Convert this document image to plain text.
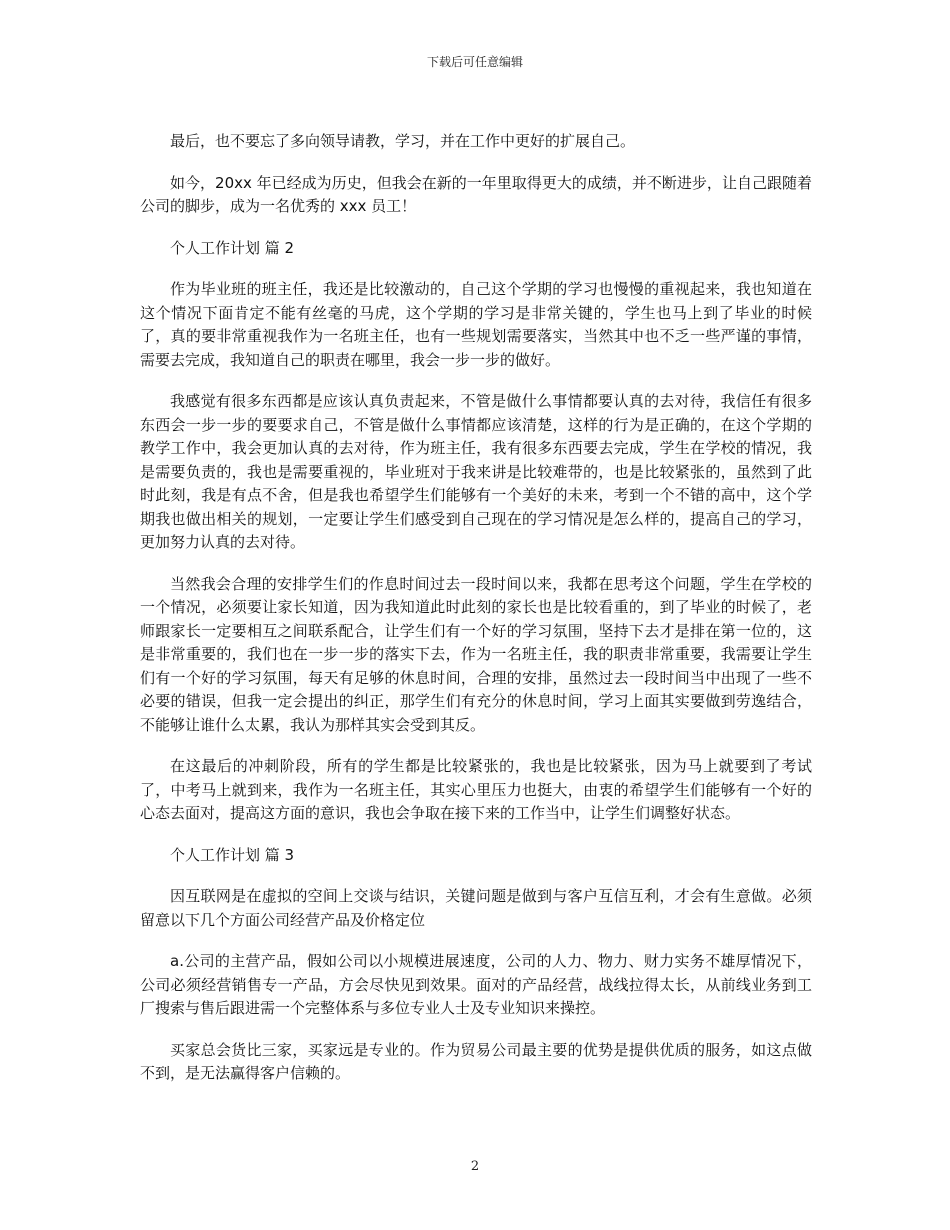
下载后可任意编辑

最后，也不要忘了多向领导请教，学习，并在工作中更好的扩展自己。

如今，20xx 年已经成为历史，但我会在新的一年里取得更大的成绩，并不断进步，让自己跟随着公司的脚步，成为一名优秀的 xxx 员工！

个人工作计划 篇 2

作为毕业班的班主任，我还是比较激动的，自己这个学期的学习也慢慢的重视起来，我也知道在这个情况下面肯定不能有丝毫的马虎，这个学期的学习是非常关键的，学生也马上到了毕业的时候了，真的要非常重视我作为一名班主任，也有一些规划需要落实，当然其中也不乏一些严谨的事情，需要去完成，我知道自己的职责在哪里，我会一步一步的做好。

我感觉有很多东西都是应该认真负责起来，不管是做什么事情都要认真的去对待，我信任有很多东西会一步一步的要要求自己，不管是做什么事情都应该清楚，这样的行为是正确的，在这个学期的教学工作中，我会更加认真的去对待，作为班主任，我有很多东西要去完成，学生在学校的情况，我是需要负责的，我也是需要重视的，毕业班对于我来讲是比较难带的，也是比较紧张的，虽然到了此时此刻，我是有点不舍，但是我也希望学生们能够有一个美好的未来，考到一个不错的高中，这个学期我也做出相关的规划，一定要让学生们感受到自己现在的学习情况是怎么样的，提高自己的学习，更加努力认真的去对待。

当然我会合理的安排学生们的作息时间过去一段时间以来，我都在思考这个问题，学生在学校的一个情况，必须要让家长知道，因为我知道此时此刻的家长也是比较看重的，到了毕业的时候了，老师跟家长一定要相互之间联系配合，让学生们有一个好的学习氛围，坚持下去才是排在第一位的，这是非常重要的，我们也在一步一步的落实下去，作为一名班主任，我的职责非常重要，我需要让学生们有一个好的学习氛围，每天有足够的休息时间，合理的安排，虽然过去一段时间当中出现了一些不必要的错误，但我一定会提出的纠正，那学生们有充分的休息时间，学习上面其实要做到劳逸结合，不能够让谁什么太累，我认为那样其实会受到其反。

在这最后的冲刺阶段，所有的学生都是比较紧张的，我也是比较紧张，因为马上就要到了考试了，中考马上就到来，我作为一名班主任，其实心里压力也挺大，由衷的希望学生们能够有一个好的心态去面对，提高这方面的意识，我也会争取在接下来的工作当中，让学生们调整好状态。

个人工作计划 篇 3

因互联网是在虚拟的空间上交谈与结识，关键问题是做到与客户互信互利，才会有生意做。必须留意以下几个方面公司经营产品及价格定位

a.公司的主营产品，假如公司以小规模进展速度，公司的人力、物力、财力实务不雄厚情况下，公司必须经营销售专一产品，方会尽快见到效果。面对的产品经营，战线拉得太长，从前线业务到工厂搜索与售后跟进需一个完整体系与多位专业人士及专业知识来操控。

买家总会货比三家，买家远是专业的。作为贸易公司最主要的优势是提供优质的服务，如这点做不到，是无法赢得客户信赖的。

2
